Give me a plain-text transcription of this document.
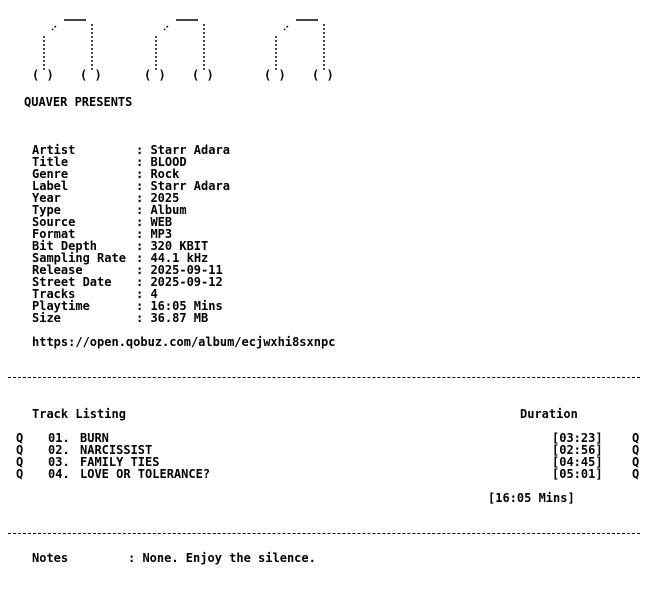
( ) ( )	( ) ( )	( ) ( )
QUAVER PRESENTS
Artist	: Starr Adara
Title	: BLOOD
Genre	: Rock
Label	: Starr Adara
Year	: 2025
Type	: Album
Source	: WEB
Format	: MP3
Bit Depth	: 320 KBIT
Sampling Rate : 44.1 kHz
Release	: 2025-09-11
Street Date : 2025-09-12
Tracks	: 4
Playtime	: 16:05 Mins
Size	: 36.87 MB
https://open.qobuz.com/album/ecjwxhi8sxnpc
Track Listing	Duration
Q 01. BURN	[03:23] Q
Q 02. NARCISSIST	[02:56] Q
Q 03. FAMILY TIES	[04:45] Q
Q 04. LOVE OR TOLERANCE?	[05:01] Q
[16:05 Mins]
Notes	: None. Enjoy the silence.
